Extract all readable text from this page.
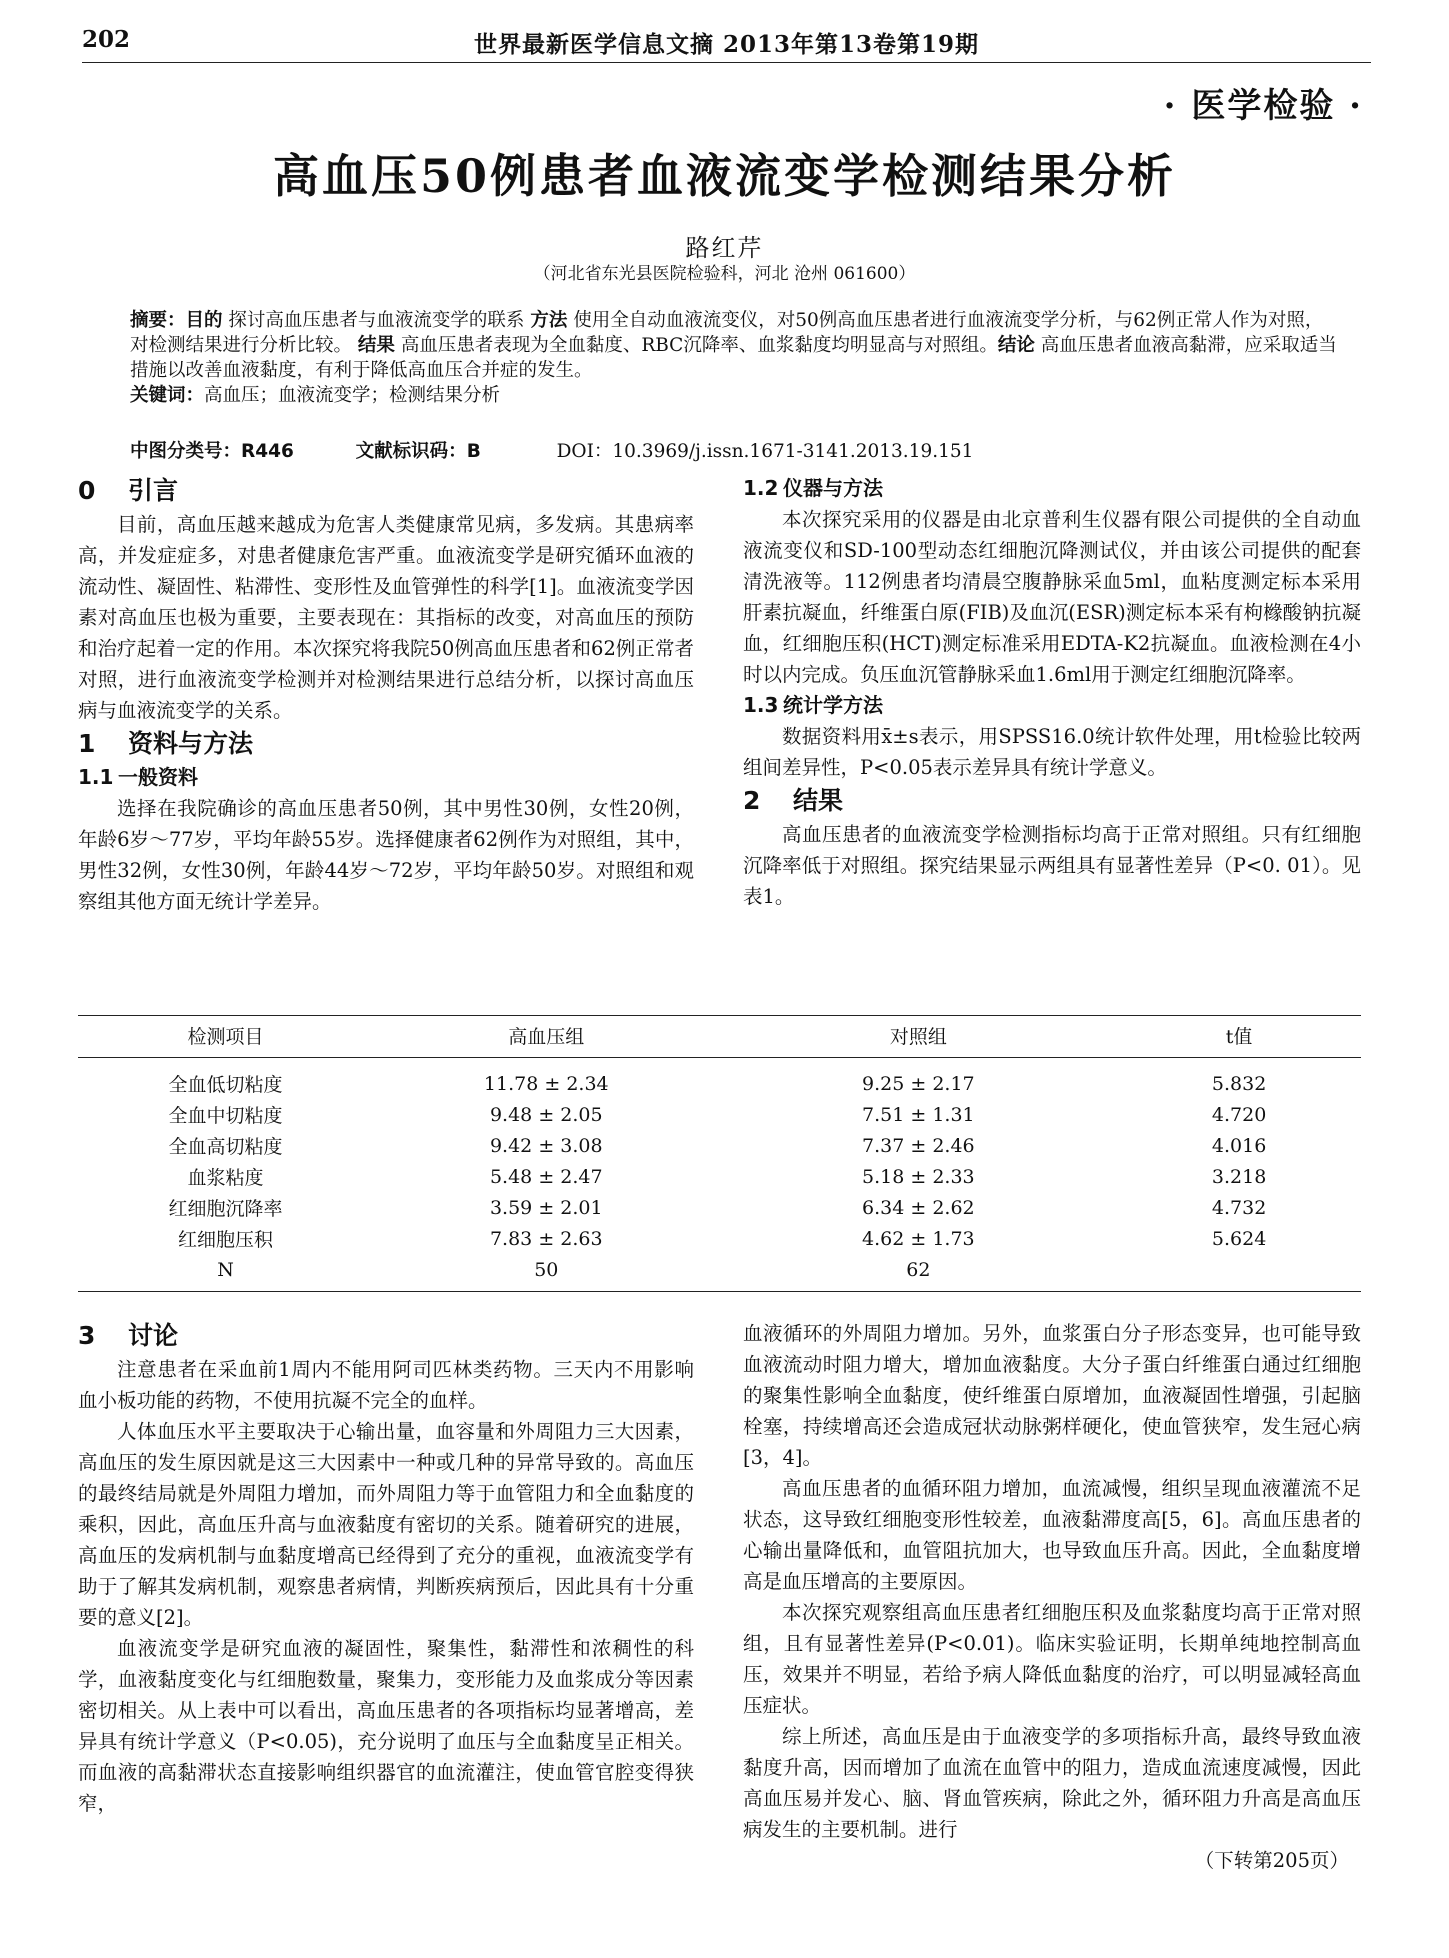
202	世界最新医学信息文摘 2013年第13卷第19期
· 医学检验 ·
高血压50例患者血液流变学检测结果分析
路红芹
（河北省东光县医院检验科，河北 沧州 061600）

摘要：目的 探讨高血压患者与血液流变学的联系 方法 使用全自动血液流变仪，对50例高血压患者进行血液流变学分析，与62例正常人作为对照，对检测结果进行分析比较。 结果 高血压患者表现为全血黏度、RBC沉降率、血浆黏度均明显高与对照组。结论 高血压患者血液高黏滞，应采取适当措施以改善血液黏度，有利于降低高血压合并症的发生。

关键词：高血压；血液流变学；检测结果分析

中图分类号：R446	文献标识码：B	DOI：10.3969/j.issn.1671-3141.2013.19.151
0 引言

目前，高血压越来越成为危害人类健康常见病，多发病。其患病率高，并发症症多，对患者健康危害严重。血液流变学是研究循环血液的流动性、凝固性、粘滞性、变形性及血管弹性的科学[1]。血液流变学因素对高血压也极为重要，主要表现在：其指标的改变，对高血压的预防和治疗起着一定的作用。本次探究将我院50例高血压患者和62例正常者对照，进行血液流变学检测并对检测结果进行总结分析，以探讨高血压病与血液流变学的关系。

1 资料与方法
1.1 一般资料

选择在我院确诊的高血压患者50例，其中男性30例，女性20例，年龄6岁～77岁，平均年龄55岁。选择健康者62例作为对照组，其中，男性32例，女性30例，年龄44岁～72岁，平均年龄50岁。对照组和观察组其他方面无统计学差异。

1.2 仪器与方法

本次探究采用的仪器是由北京普利生仪器有限公司提供的全自动血液流变仪和SD-100型动态红细胞沉降测试仪，并由该公司提供的配套清洗液等。112例患者均清晨空腹静脉采血5ml，血粘度测定标本采用肝素抗凝血，纤维蛋白原(FIB)及血沉(ESR)测定标本采有枸橼酸钠抗凝血，红细胞压积(HCT)测定标准采用EDTA-K2抗凝血。血液检测在4小时以内完成。负压血沉管静脉采血1.6ml用于测定红细胞沉降率。

1.3 统计学方法

数据资料用x̄±s表示，用SPSS16.0统计软件处理，用t检验比较两组间差异性，P<0.05表示差异具有统计学意义。

2 结果

高血压患者的血液流变学检测指标均高于正常对照组。只有红细胞沉降率低于对照组。探究结果显示两组具有显著性差异（P<0. 01）。见表1。

检测项目	高血压组	对照组	t值
全血低切粘度	11.78 ± 2.34	9.25 ± 2.17	5.832
全血中切粘度	9.48 ± 2.05	7.51 ± 1.31	4.720
全血高切粘度	9.42 ± 3.08	7.37 ± 2.46	4.016
血浆粘度	5.48 ± 2.47	5.18 ± 2.33	3.218
红细胞沉降率	3.59 ± 2.01	6.34 ± 2.62	4.732
红细胞压积	7.83 ± 2.63	4.62 ± 1.73	5.624
N	50	62	
3 讨论

注意患者在采血前1周内不能用阿司匹林类药物。三天内不用影响血小板功能的药物，不使用抗凝不完全的血样。

人体血压水平主要取决于心输出量，血容量和外周阻力三大因素，高血压的发生原因就是这三大因素中一种或几种的异常导致的。高血压的最终结局就是外周阻力增加，而外周阻力等于血管阻力和全血黏度的乘积，因此，高血压升高与血液黏度有密切的关系。随着研究的进展，高血压的发病机制与血黏度增高已经得到了充分的重视，血液流变学有助于了解其发病机制，观察患者病情，判断疾病预后，因此具有十分重要的意义[2]。

血液流变学是研究血液的凝固性，聚集性，黏滞性和浓稠性的科学，血液黏度变化与红细胞数量，聚集力，变形能力及血浆成分等因素密切相关。从上表中可以看出，高血压患者的各项指标均显著增高，差异具有统计学意义（P<0.05)，充分说明了血压与全血黏度呈正相关。而血液的高黏滞状态直接影响组织器官的血流灌注，使血管官腔变得狭窄，

血液循环的外周阻力增加。另外，血浆蛋白分子形态变异，也可能导致血液流动时阻力增大，增加血液黏度。大分子蛋白纤维蛋白通过红细胞的聚集性影响全血黏度，使纤维蛋白原增加，血液凝固性增强，引起脑栓塞，持续增高还会造成冠状动脉粥样硬化，使血管狭窄，发生冠心病[3，4]。

高血压患者的血循环阻力增加，血流减慢，组织呈现血液灌流不足状态，这导致红细胞变形性较差，血液黏滞度高[5，6]。高血压患者的心输出量降低和，血管阻抗加大，也导致血压升高。因此，全血黏度增高是血压增高的主要原因。

本次探究观察组高血压患者红细胞压积及血浆黏度均高于正常对照组，且有显著性差异(P<0.01)。临床实验证明，长期单纯地控制高血压，效果并不明显，若给予病人降低血黏度的治疗，可以明显减轻高血压症状。

综上所述，高血压是由于血液变学的多项指标升高，最终导致血液黏度升高，因而增加了血流在血管中的阻力，造成血流速度减慢，因此高血压易并发心、脑、肾血管疾病，除此之外，循环阻力升高是高血压病发生的主要机制。进行

（下转第205页）
